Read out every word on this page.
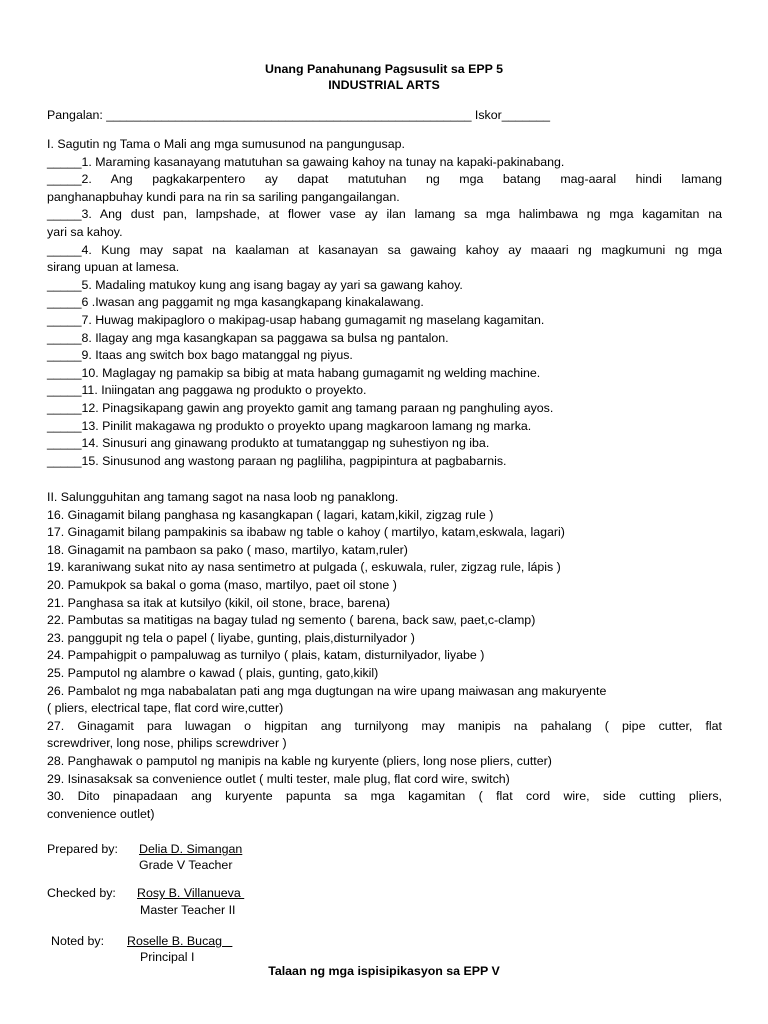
Unang Panahunang Pagsusulit sa EPP 5
INDUSTRIAL ARTS
Pangalan: _____________________________________________________ Iskor_______

I. Sagutin ng Tama o Mali ang mga sumusunod na pangungusap.

_____1. Maraming kasanayang matutuhan sa gawaing kahoy na tunay na kapaki-pakinabang.

_____2. Ang pagkakarpentero ay dapat matutuhan ng mga batang mag-aaral hindi lamang

panghanapbuhay kundi para na rin sa sariling pangangailangan.

_____3. Ang dust pan, lampshade, at flower vase ay ilan lamang sa mga halimbawa ng mga kagamitan na

yari sa kahoy.

_____4. Kung may sapat na kaalaman at kasanayan sa gawaing kahoy ay maaari ng magkumuni ng mga

sirang upuan at lamesa.

_____5. Madaling matukoy kung ang isang bagay ay yari sa gawang kahoy.

_____6 .Iwasan ang paggamit ng mga kasangkapang kinakalawang.

_____7. Huwag makipagloro o makipag-usap habang gumagamit ng maselang kagamitan.

_____8. Ilagay ang mga kasangkapan sa paggawa sa bulsa ng pantalon.

_____9. Itaas ang switch box bago matanggal ng piyus.

_____10. Maglagay ng pamakip sa bibig at mata habang gumagamit ng welding machine.

_____11. Iniingatan ang paggawa ng produkto o proyekto.

_____12. Pinagsikapang gawin ang proyekto gamit ang tamang paraan ng panghuling ayos.

_____13. Pinilit makagawa ng produkto o proyekto upang magkaroon lamang ng marka.

_____14. Sinusuri ang ginawang produkto at tumatanggap ng suhestiyon ng iba.

_____15. Sinusunod ang wastong paraan ng pagliliha, pagpipintura at pagbabarnis.

II. Salungguhitan ang tamang sagot na nasa loob ng panaklong.

16. Ginagamit bilang panghasa ng kasangkapan ( lagari, katam,kikil, zigzag rule )

17. Ginagamit bilang pampakinis sa ibabaw ng table o kahoy ( martilyo, katam,eskwala, lagari)

18. Ginagamit na pambaon sa pako ( maso, martilyo, katam,ruler)

19. karaniwang sukat nito ay nasa sentimetro at pulgada (, eskuwala, ruler, zigzag rule, lápis )

20. Pamukpok sa bakal o goma (maso, martilyo, paet oil stone )

21. Panghasa sa itak at kutsilyo (kikil, oil stone, brace, barena)

22. Pambutas sa matitigas na bagay tulad ng semento ( barena, back saw, paet,c-clamp)

23. panggupit ng tela o papel ( liyabe, gunting, plais,disturnilyador )

24. Pampahigpit o pampaluwag as turnilyo ( plais, katam, disturnilyador, liyabe )

25. Pamputol ng alambre o kawad ( plais, gunting, gato,kikil)

26. Pambalot ng mga nababalatan pati ang mga dugtungan na wire upang maiwasan ang makuryente

( pliers, electrical tape, flat cord wire,cutter)

27. Ginagamit para luwagan o higpitan ang turnilyong may manipis na pahalang ( pipe cutter, flat

screwdriver, long nose, philips screwdriver )

28. Panghawak o pamputol ng manipis na kable ng kuryente (pliers, long nose pliers, cutter)

29. Isinasaksak sa convenience outlet ( multi tester, male plug, flat cord wire, switch)

30. Dito pinapadaan ang kuryente papunta sa mga kagamitan ( flat cord wire, side cutting pliers,

convenience outlet)

Prepared by: Delia D. Simangan
Grade V Teacher
Checked by: Rosy B. Villanueva
Master Teacher II
Noted by: Roselle B. Bucag
Principal I
Talaan ng mga ispisipikasyon sa EPP V
